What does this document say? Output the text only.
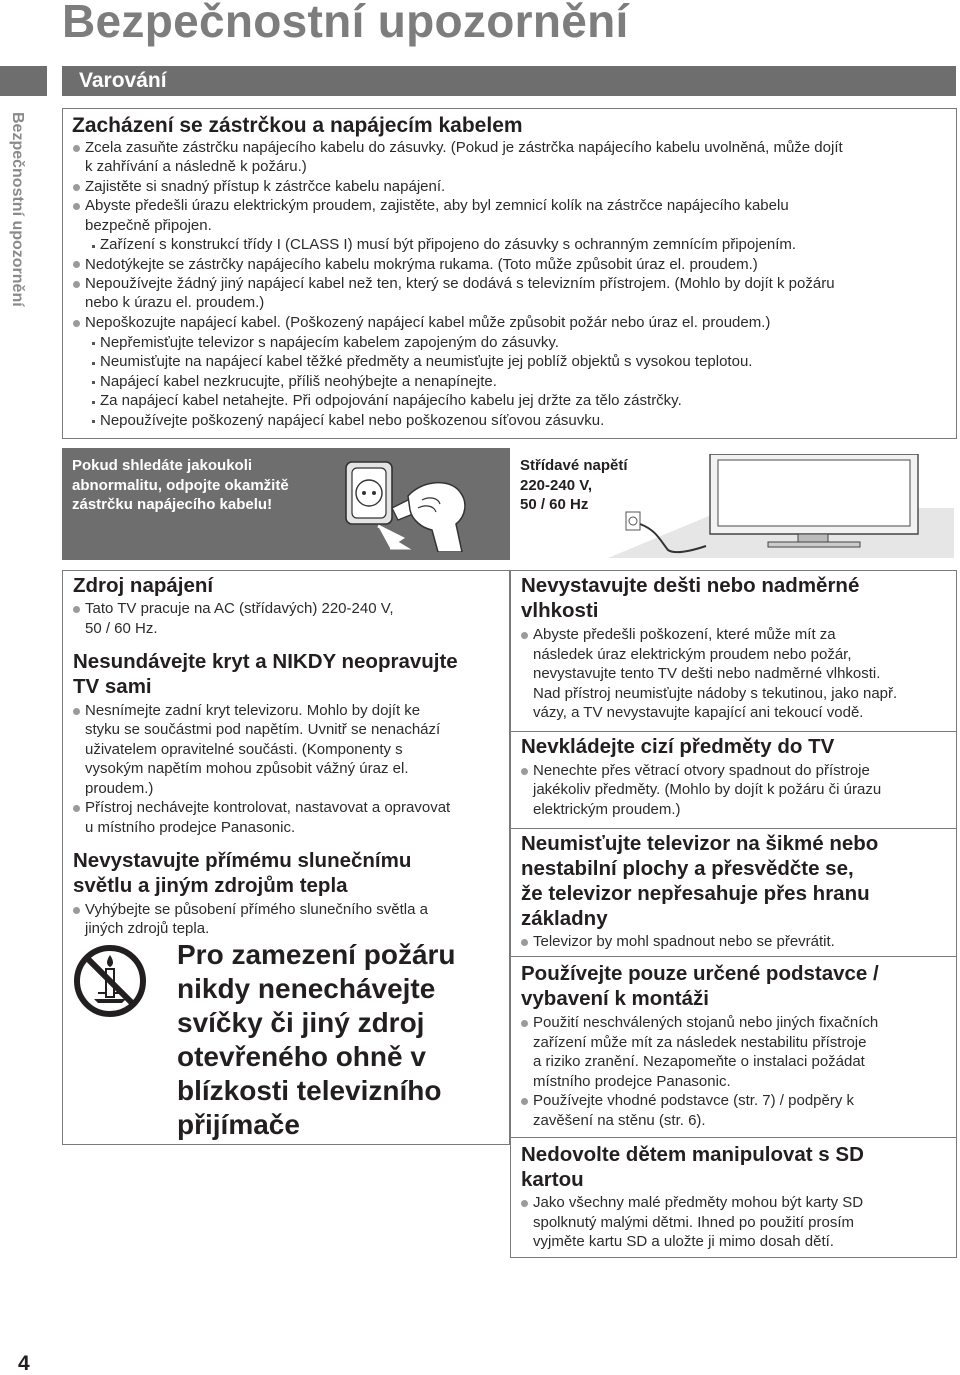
Bezpečnostní upozornění
Varování
Bezpečnostní upozornění
4
Zacházení se zástrčkou a napájecím kabelem
Zcela zasuňte zástrčku napájecího kabelu do zásuvky. (Pokud je zástrčka napájecího kabelu uvolněná, může dojít
k zahřívání a následně k požáru.)
Zajistěte si snadný přístup k zástrčce kabelu napájení.
Abyste předešli úrazu elektrickým proudem, zajistěte, aby byl zemnicí kolík na zástrčce napájecího kabelu
bezpečně připojen.
Zařízení s konstrukcí třídy I (CLASS I) musí být připojeno do zásuvky s ochranným zemnícím připojením.
Nedotýkejte se zástrčky napájecího kabelu mokrýma rukama. (Toto může způsobit úraz el. proudem.)
Nepoužívejte žádný jiný napájecí kabel než ten, který se dodává s televizním přístrojem. (Mohlo by dojít k požáru
nebo k úrazu el. proudem.)
Nepoškozujte napájecí kabel. (Poškozený napájecí kabel může způsobit požár nebo úraz el. proudem.)
Nepřemisťujte televizor s napájecím kabelem zapojeným do zásuvky.
Neumisťujte na napájecí kabel těžké předměty a neumisťujte jej poblíž objektů s vysokou teplotou.
Napájecí kabel nezkrucujte, příliš neohýbejte a nenapínejte.
Za napájecí kabel netahejte. Při odpojování napájecího kabelu jej držte za tělo zástrčky.
Nepoužívejte poškozený napájecí kabel nebo poškozenou síťovou zásuvku.
Pokud shledáte jakoukoli
abnormalitu, odpojte okamžitě
zástrčku napájecího kabelu!
Střídavé napětí
220-240 V,
50 / 60 Hz
Zdroj napájení
Tato TV pracuje na AC (střídavých) 220-240 V,
50 / 60 Hz.
Nesundávejte kryt a NIKDY neopravujte
TV sami
Nesnímejte zadní kryt televizoru. Mohlo by dojít ke
styku se součástmi pod napětím. Uvnitř se nenachází
uživatelem opravitelné součásti. (Komponenty s
vysokým napětím mohou způsobit vážný úraz el.
proudem.)
Přístroj nechávejte kontrolovat, nastavovat a opravovat
u místního prodejce Panasonic.
Nevystavujte přímému slunečnímu
světlu a jiným zdrojům tepla
Vyhýbejte se působení přímého slunečního světla a
jiných zdrojů tepla.
Pro zamezení požáru
nikdy nenechávejte
svíčky či jiný zdroj
otevřeného ohně v
blízkosti televizního
přijímače
Nevystavujte dešti nebo nadměrné
vlhkosti
Abyste předešli poškození, které může mít za
následek úraz elektrickým proudem nebo požár,
nevystavujte tento TV dešti nebo nadměrné vlhkosti.
Nad přístroj neumisťujte nádoby s tekutinou, jako např.
vázy, a TV nevystavujte kapající ani tekoucí vodě.
Nevkládejte cizí předměty do TV
Nenechte přes větrací otvory spadnout do přístroje
jakékoliv předměty. (Mohlo by dojít k požáru či úrazu
elektrickým proudem.)
Neumisťujte televizor na šikmé nebo
nestabilní plochy a přesvědčte se,
že televizor nepřesahuje přes hranu
základny
Televizor by mohl spadnout nebo se převrátit.
Používejte pouze určené podstavce /
vybavení k montáži
Použití neschválených stojanů nebo jiných fixačních
zařízení může mít za následek nestabilitu přístroje
a riziko zranění. Nezapomeňte o instalaci požádat
místního prodejce Panasonic.
Používejte vhodné podstavce (str. 7) / podpěry k
zavěšení na stěnu (str. 6).
Nedovolte dětem manipulovat s SD
kartou
Jako všechny malé předměty mohou být karty SD
spolknutý malými dětmi. Ihned po použití prosím
vyjměte kartu SD a uložte ji mimo dosah dětí.
